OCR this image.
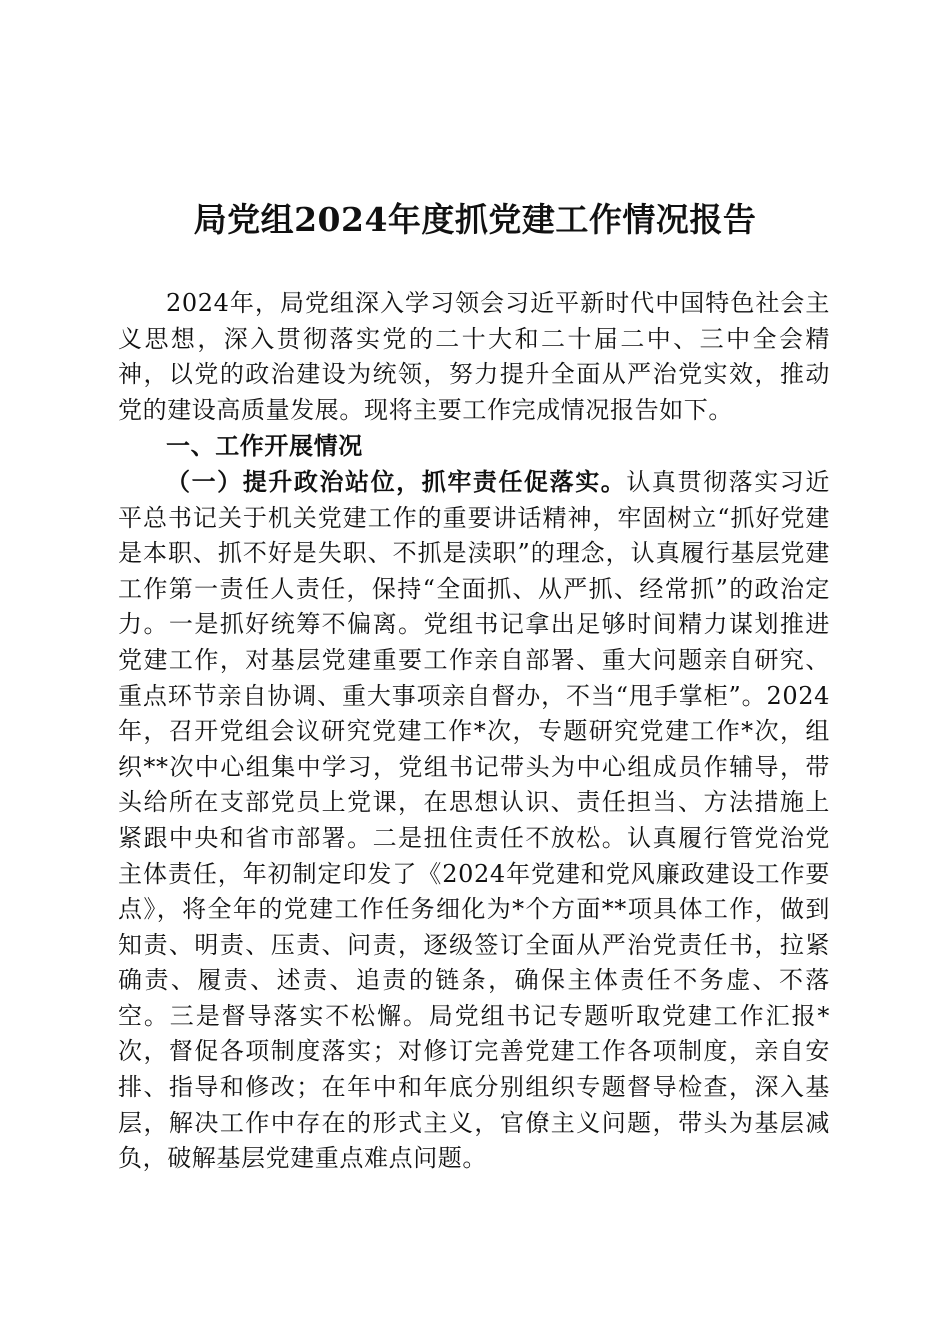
局党组2024年度抓党建工作情况报告

2024年，局党组深入学习领会习近平新时代中国特色社会主义思想，深入贯彻落实党的二十大和二十届二中、三中全会精神，以党的政治建设为统领，努力提升全面从严治党实效，推动党的建设高质量发展。现将主要工作完成情况报告如下。

一、工作开展情况

（一）提升政治站位，抓牢责任促落实。认真贯彻落实习近平总书记关于机关党建工作的重要讲话精神，牢固树立“抓好党建是本职、抓不好是失职、不抓是渎职”的理念，认真履行基层党建工作第一责任人责任，保持“全面抓、从严抓、经常抓”的政治定力。一是抓好统筹不偏离。党组书记拿出足够时间精力谋划推进党建工作，对基层党建重要工作亲自部署、重大问题亲自研究、重点环节亲自协调、重大事项亲自督办，不当“甩手掌柜”。2024年，召开党组会议研究党建工作*次，专题研究党建工作*次，组织**次中心组集中学习，党组书记带头为中心组成员作辅导，带头给所在支部党员上党课，在思想认识、责任担当、方法措施上紧跟中央和省市部署。二是扭住责任不放松。认真履行管党治党主体责任，年初制定印发了《2024年党建和党风廉政建设工作要点》，将全年的党建工作任务细化为*个方面**项具体工作，做到知责、明责、压责、问责，逐级签订全面从严治党责任书，拉紧确责、履责、述责、追责的链条，确保主体责任不务虚、不落空。三是督导落实不松懈。局党组书记专题听取党建工作汇报*次，督促各项制度落实；对修订完善党建工作各项制度，亲自安排、指导和修改；在年中和年底分别组织专题督导检查，深入基层，解决工作中存在的形式主义，官僚主义问题，带头为基层减负，破解基层党建重点难点问题。
